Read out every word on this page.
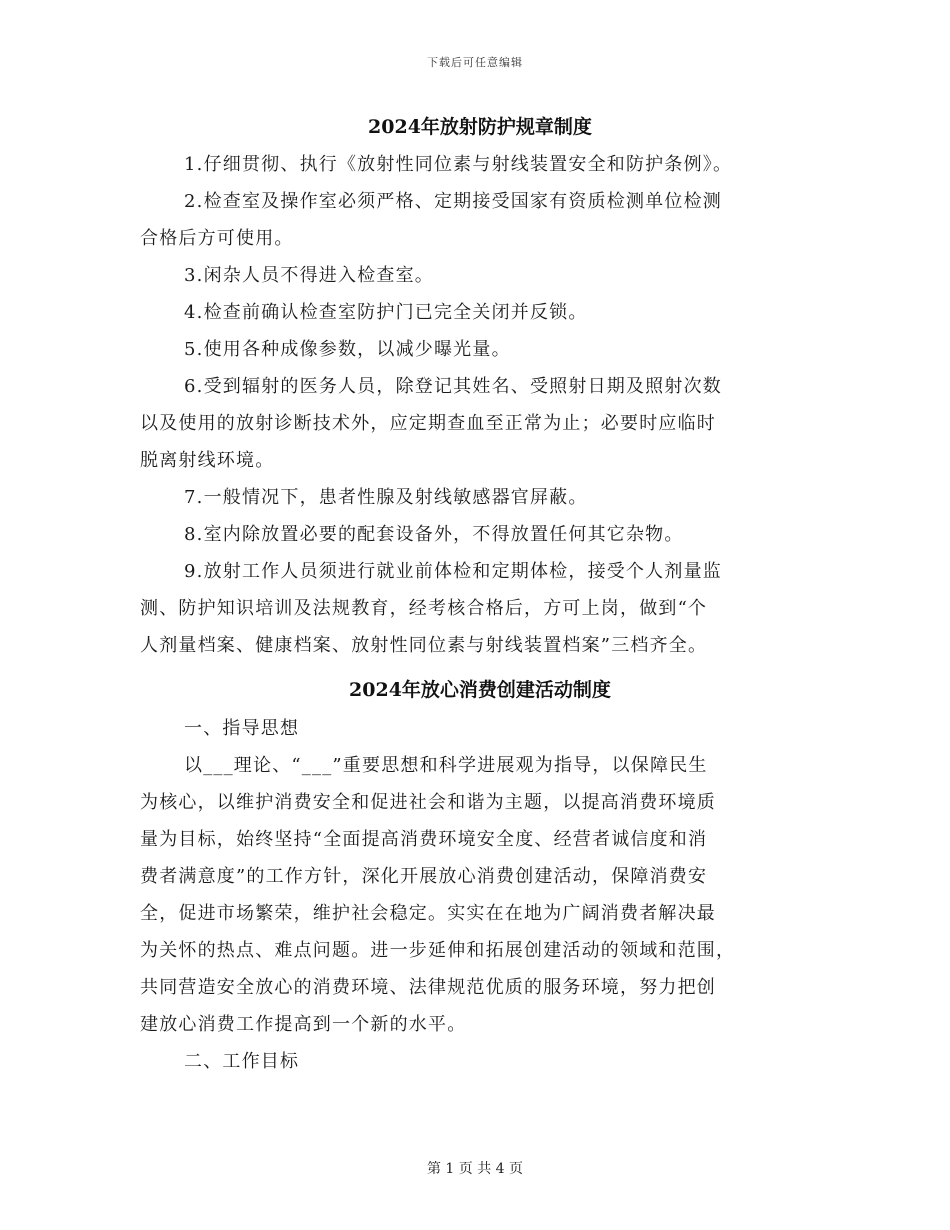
下载后可任意编辑
2024年放射防护规章制度
1.仔细贯彻、执行《放射性同位素与射线装置安全和防护条例》。
2.检查室及操作室必须严格、定期接受国家有资质检测单位检测
合格后方可使用。
3.闲杂人员不得进入检查室。
4.检查前确认检查室防护门已完全关闭并反锁。
5.使用各种成像参数，以减少曝光量。
6.受到辐射的医务人员，除登记其姓名、受照射日期及照射次数
以及使用的放射诊断技术外，应定期查血至正常为止；必要时应临时
脱离射线环境。
7.一般情况下，患者性腺及射线敏感器官屏蔽。
8.室内除放置必要的配套设备外，不得放置任何其它杂物。
9.放射工作人员须进行就业前体检和定期体检，接受个人剂量监
测、防护知识培训及法规教育，经考核合格后，方可上岗，做到“个
人剂量档案、健康档案、放射性同位素与射线装置档案”三档齐全。
2024年放心消费创建活动制度
一、指导思想
以___理论、“___”重要思想和科学进展观为指导，以保障民生
为核心，以维护消费安全和促进社会和谐为主题，以提高消费环境质
量为目标，始终坚持“全面提高消费环境安全度、经营者诚信度和消
费者满意度”的工作方针，深化开展放心消费创建活动，保障消费安
全，促进市场繁荣，维护社会稳定。实实在在地为广阔消费者解决最
为关怀的热点、难点问题。进一步延伸和拓展创建活动的领域和范围，
共同营造安全放心的消费环境、法律规范优质的服务环境，努力把创
建放心消费工作提高到一个新的水平。
二、工作目标
第 1 页 共 4 页
